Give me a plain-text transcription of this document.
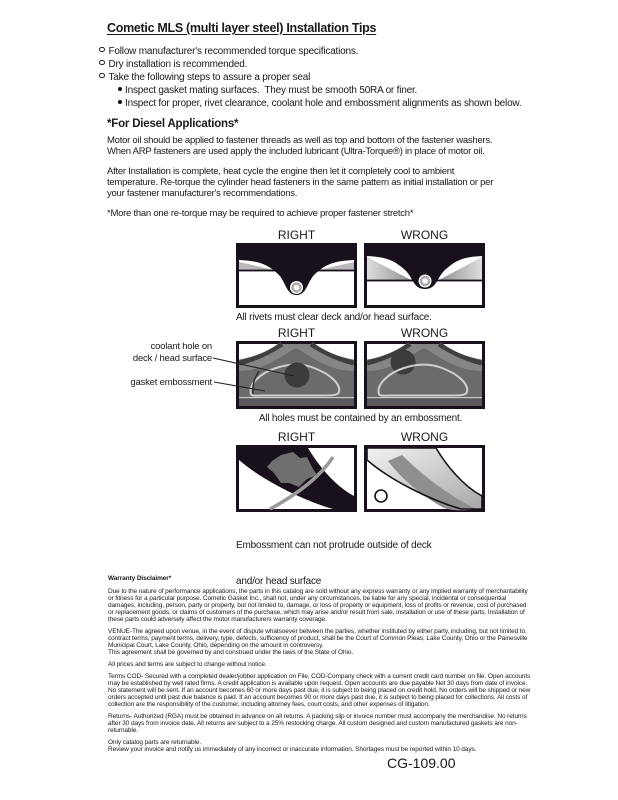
Cometic MLS (multi layer steel) Installation Tips
Follow manufacturer's recommended torque specifications.
Dry installation is recommended.
Take the following steps to assure a proper seal
Inspect gasket mating surfaces.  They must be smooth 50RA or finer.
Inspect for proper, rivet clearance, coolant hole and embossment alignments as shown below.
*For Diesel Applications*
Motor oil should be applied to fastener threads as well as top and bottom of the fastener washers. When ARP fasteners are used apply the included lubricant (Ultra-Torque®) in place of motor oil.
After Installation is complete, heat cycle the engine then let it completely cool to ambient temperature. Re-torque the cylinder head fasteners in the same pattern as initial installation or per your fastener manufacturer's recommendations.
*More than one re-torque may be required to achieve proper fastener stretch*
RIGHT	WRONG
All rivets must clear deck and/or head surface.
coolant hole on
deck / head surface
gasket embossment
RIGHT	WRONG
All holes must be contained by an embossment.
RIGHT	WRONG

Embossment can not protrude outside of deck

and/or head surface

Warranty Disclaimer*

Due to the nature of performance applications, the parts in this catalog are sold without any express warranty or any implied warranty of merchantability or fitness for a particular purpose. Cometic Gasket Inc., shall not, under any circumstances, be liable for any special, incidental or consequential damages, including, person, party or property, but not limited to, damage, or loss of property or equipment, loss of profits or revenue, cost of purchased or replacement goods, or claims of customers of the purchase, which may arise and/or result from sale, installation or use of these parts. Installation of these parts could adversely affect the motor manufacturers warranty coverage.

VENUE-The agreed upon venue, in the event of dispute whatsoever between the parties, whether instituted by either party, including, but not limited to, contract terms, payment terms, delivery, type, defects, sufficiency of product, shall be the Court of Common Pleas, Lake County, Ohio or the Painesville Municipal Court, Lake County, Ohio, depending on the amount in controversy.

This agreement shall be governed by and construed under the laws of the State of Ohio.

All prices and terms are subject to change without notice.

Terms COD- Secured with a completed dealer/jobber application on File, COD-Company check with a current credit card number on file. Open accounts may be established by well rated firms. A credit application is available upon request. Open accounts are due payable Net 30 days from date of invoice. No statement will be sent. If an account becomes 60 or more days past due, it is subject to being placed on credit hold. No orders will be shipped or new orders accepted until past due balance is paid. If an account becomes 90 or more days past due, it is subject to being placed for collections. All costs of collection are the responsibility of the customer, including attorney fees, court costs, and other expenses of litigation.

Returns- Authorized (RGA) must be obtained in advance on all returns. A packing slip or invoice number must accompany the merchandise. No returns after 30 days from invoice date. All returns are subject to a 25% restocking charge. All custom designed and custom manufactured gaskets are non-returnable.

Only catalog parts are returnable.

Review your invoice and notify us immediately of any incorrect or inaccurate information. Shortages must be reported within 10 days.

CG-109.00
